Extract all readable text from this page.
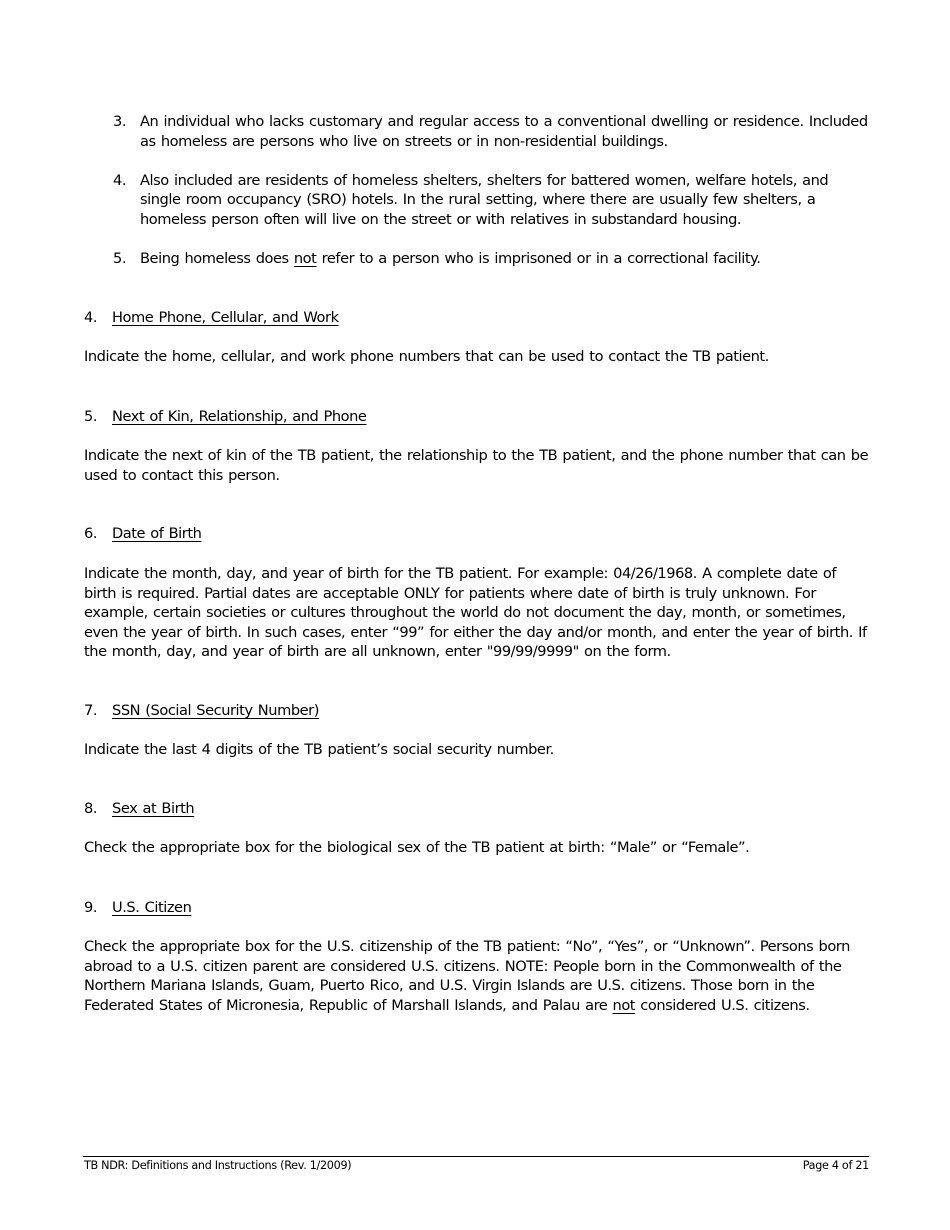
3. An individual who lacks customary and regular access to a conventional dwelling or residence. Included as homeless are persons who live on streets or in non-residential buildings.
4. Also included are residents of homeless shelters, shelters for battered women, welfare hotels, and single room occupancy (SRO) hotels. In the rural setting, where there are usually few shelters, a homeless person often will live on the street or with relatives in substandard housing.
5. Being homeless does not refer to a person who is imprisoned or in a correctional facility.
4. Home Phone, Cellular, and Work
Indicate the home, cellular, and work phone numbers that can be used to contact the TB patient.
5. Next of Kin, Relationship, and Phone
Indicate the next of kin of the TB patient, the relationship to the TB patient, and the phone number that can be used to contact this person.
6. Date of Birth
Indicate the month, day, and year of birth for the TB patient. For example: 04/26/1968. A complete date of birth is required. Partial dates are acceptable ONLY for patients where date of birth is truly unknown. For example, certain societies or cultures throughout the world do not document the day, month, or sometimes, even the year of birth. In such cases, enter “99” for either the day and/or month, and enter the year of birth. If the month, day, and year of birth are all unknown, enter "99/99/9999" on the form.
7. SSN (Social Security Number)
Indicate the last 4 digits of the TB patient’s social security number.
8. Sex at Birth
Check the appropriate box for the biological sex of the TB patient at birth: “Male” or “Female”.
9. U.S. Citizen
Check the appropriate box for the U.S. citizenship of the TB patient: “No”, “Yes”, or “Unknown”. Persons born abroad to a U.S. citizen parent are considered U.S. citizens. NOTE: People born in the Commonwealth of the Northern Mariana Islands, Guam, Puerto Rico, and U.S. Virgin Islands are U.S. citizens. Those born in the Federated States of Micronesia, Republic of Marshall Islands, and Palau are not considered U.S. citizens.
TB NDR: Definitions and Instructions (Rev. 1/2009)	Page 4 of 21
